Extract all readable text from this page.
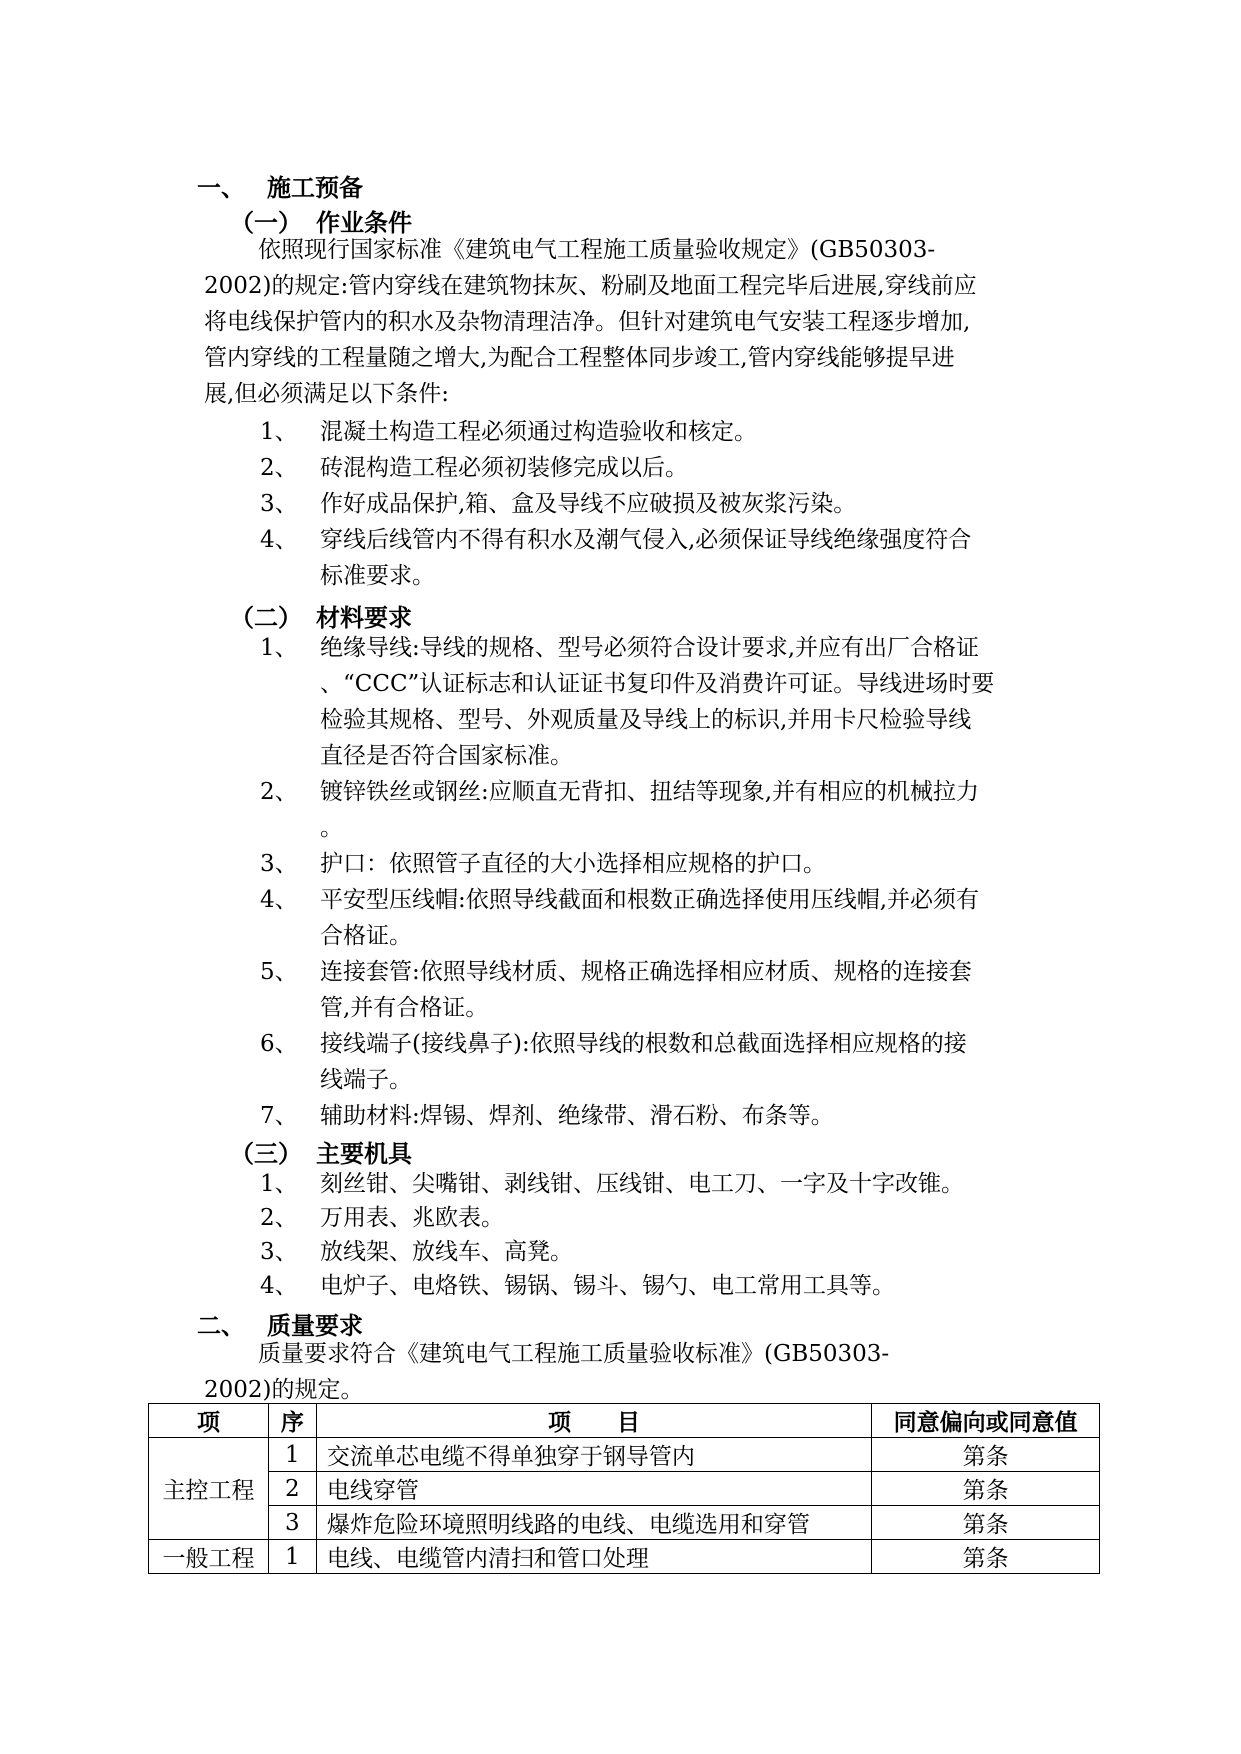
一、 施工预备
（一） 作业条件
依照现行国家标准《建筑电气工程施工质量验收规定》(GB50303-
2002)的规定:管内穿线在建筑物抹灰、粉刷及地面工程完毕后进展,穿线前应
将电线保护管内的积水及杂物清理洁净。但针对建筑电气安装工程逐步增加,
管内穿线的工程量随之增大,为配合工程整体同步竣工,管内穿线能够提早进
展,但必须满足以下条件:
1、 混凝土构造工程必须通过构造验收和核定。
2、 砖混构造工程必须初装修完成以后。
3、 作好成品保护,箱、盒及导线不应破损及被灰浆污染。
4、 穿线后线管内不得有积水及潮气侵入,必须保证导线绝缘强度符合
标准要求。
（二） 材料要求
1、 绝缘导线:导线的规格、型号必须符合设计要求,并应有出厂合格证
、“CCC”认证标志和认证证书复印件及消费许可证。导线进场时要
检验其规格、型号、外观质量及导线上的标识,并用卡尺检验导线
直径是否符合国家标准。
2、 镀锌铁丝或钢丝:应顺直无背扣、扭结等现象,并有相应的机械拉力
。
3、 护口：依照管子直径的大小选择相应规格的护口。
4、 平安型压线帽:依照导线截面和根数正确选择使用压线帽,并必须有
合格证。
5、 连接套管:依照导线材质、规格正确选择相应材质、规格的连接套
管,并有合格证。
6、 接线端子(接线鼻子):依照导线的根数和总截面选择相应规格的接
线端子。
7、 辅助材料:焊锡、焊剂、绝缘带、滑石粉、布条等。
（三） 主要机具
1、 刻丝钳、尖嘴钳、剥线钳、压线钳、电工刀、一字及十字改锥。
2、 万用表、兆欧表。
3、 放线架、放线车、高凳。
4、 电炉子、电烙铁、锡锅、锡斗、锡勺、电工常用工具等。
二、 质量要求
质量要求符合《建筑电气工程施工质量验收标准》(GB50303-
2002)的规定。
项	序	项　　目	同意偏向或同意值
主控工程	1	交流单芯电缆不得单独穿于钢导管内	第条
	2	电线穿管	第条
	3	爆炸危险环境照明线路的电线、电缆选用和穿管	第条
一般工程	1	电线、电缆管内清扫和管口处理	第条
